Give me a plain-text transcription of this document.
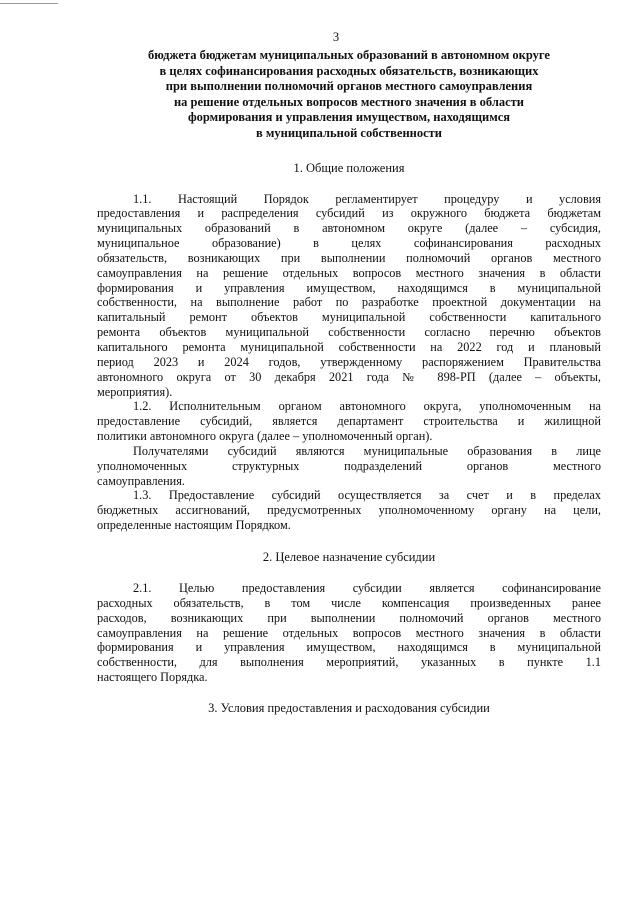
3
бюджета бюджетам муниципальных образований в автономном округе
в целях софинансирования расходных обязательств, возникающих
при выполнении полномочий органов местного самоуправления
на решение отдельных вопросов местного значения в области
формирования и управления имуществом, находящимся
в муниципальной собственности
1. Общие положения
1.1. Настоящий Порядок регламентирует процедуру и условия
предоставления и распределения субсидий из окружного бюджета бюджетам
муниципальных образований в автономном округе (далее – субсидия,
муниципальное образование) в целях софинансирования расходных
обязательств, возникающих при выполнении полномочий органов местного
самоуправления на решение отдельных вопросов местного значения в области
формирования и управления имуществом, находящимся в муниципальной
собственности, на выполнение работ по разработке проектной документации на
капитальный ремонт объектов муниципальной собственности капитального
ремонта объектов муниципальной собственности согласно перечню объектов
капитального ремонта муниципальной собственности на 2022 год и плановый
период 2023 и 2024 годов, утвержденному распоряжением Правительства
автономного округа от 30 декабря 2021 года № 898-РП (далее – объекты,
мероприятия).
1.2. Исполнительным органом автономного округа, уполномоченным на
предоставление субсидий, является департамент строительства и жилищной
политики автономного округа (далее – уполномоченный орган).
Получателями субсидий являются муниципальные образования в лице
уполномоченных структурных подразделений органов местного
самоуправления.
1.3. Предоставление субсидий осуществляется за счет и в пределах
бюджетных ассигнований, предусмотренных уполномоченному органу на цели,
определенные настоящим Порядком.
2. Целевое назначение субсидии
2.1. Целью предоставления субсидии является софинансирование
расходных обязательств, в том числе компенсация произведенных ранее
расходов, возникающих при выполнении полномочий органов местного
самоуправления на решение отдельных вопросов местного значения в области
формирования и управления имуществом, находящимся в муниципальной
собственности, для выполнения мероприятий, указанных в пункте 1.1
настоящего Порядка.
3. Условия предоставления и расходования субсидии
